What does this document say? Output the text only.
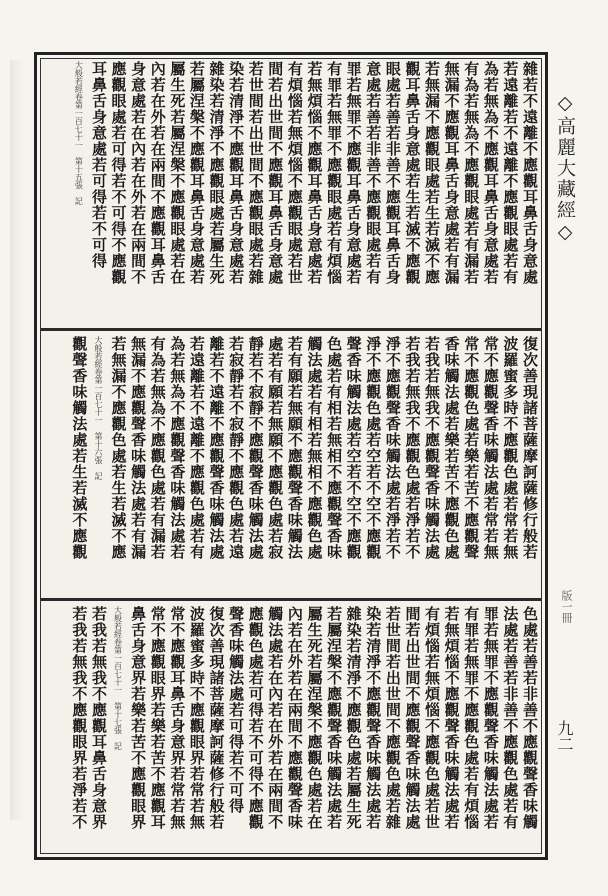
雜若不遠離不應觀耳鼻舌身意處
若遠離若不遠離不應觀眼處若有
為若無為不應觀耳鼻舌身意處若
有為若無為不應觀眼處若有漏若
無漏不應觀耳鼻舌身意處若有漏
若無漏不應觀眼處若生若滅不應
觀耳鼻舌身意處若生若滅不應觀
眼處若善若非善不應觀耳鼻舌身
意處若善若非善不應觀眼處若有
罪若無罪不應觀耳鼻舌身意處若
有罪若無罪不應觀眼處若有煩惱
若無煩惱不應觀耳鼻舌身意處若
有煩惱若無煩惱不應觀眼處若世
間若出世間不應觀耳鼻舌身意處
若世間若出世間不應觀眼處若雜
染若清淨不應觀耳鼻舌身意處若
雜染若清淨不應觀眼處若屬生死
若屬涅槃不應觀耳鼻舌身意處若
屬生死若屬涅槃不應觀眼處若在
內若在外若在兩間不應觀耳鼻舌
身意處若在內若在外若在兩間不
應觀眼處若可得若不可得不應觀
耳鼻舌身意處若可得若不可得
大般若經卷第一百七十一　第十五張　記
復次善現諸菩薩摩訶薩修行般若
波羅蜜多時不應觀色處若常若無
常不應觀聲香味觸法處若常若無
常不應觀色處若樂若苦不應觀聲
香味觸法處若樂若苦不應觀色處
若我若無我不應觀聲香味觸法處
若我若無我不應觀色處若淨若不
淨不應觀聲香味觸法處若淨若不
淨不應觀色處若空若不空不應觀
聲香味觸法處若空若不空不應觀
色處若有相若無相不應觀聲香味
觸法處若有相若無相不應觀色處
若有願若無願不應觀聲香味觸法
處若有願若無願不應觀色處若寂
靜若不寂靜不應觀聲香味觸法處
若寂靜若不寂靜不應觀色處若遠
離若不遠離不應觀聲香味觸法處
若遠離若不遠離不應觀色處若有
為若無為不應觀聲香味觸法處若
有為若無為不應觀色處若有漏若
無漏不應觀聲香味觸法處若有漏
若無漏不應觀色處若生若滅不應
大般若經卷第一百七十一　第十六張　記
觀聲香味觸法處若生若滅不應觀
色處若善若非善不應觀聲香味觸
法處若善若非善不應觀色處若有
罪若無罪不應觀聲香味觸法處若
有罪若無罪不應觀色處若有煩惱
若無煩惱不應觀聲香味觸法處若
有煩惱若無煩惱不應觀色處若世
間若出世間不應觀聲香味觸法處
若世間若出世間不應觀色處若雜
染若清淨不應觀聲香味觸法處若
雜染若清淨不應觀色處若屬生死
若屬涅槃不應觀聲香味觸法處若
屬生死若屬涅槃不應觀色處若在
內若在外若在兩間不應觀聲香味
觸法處若在內若在外若在兩間不
應觀色處若可得若不可得不應觀
聲香味觸法處若可得若不可得
復次善現諸菩薩摩訶薩修行般若
波羅蜜多時不應觀眼界若常若無
常不應觀耳鼻舌身意界若常若無
常不應觀眼界若樂若苦不應觀耳
鼻舌身意界若樂若苦不應觀眼界
大般若經卷第一百七十一　第十七張　記
若我若無我不應觀耳鼻舌身意界
若我若無我不應觀眼界若淨若不
◇高麗大藏經◇
版一冊
九二
